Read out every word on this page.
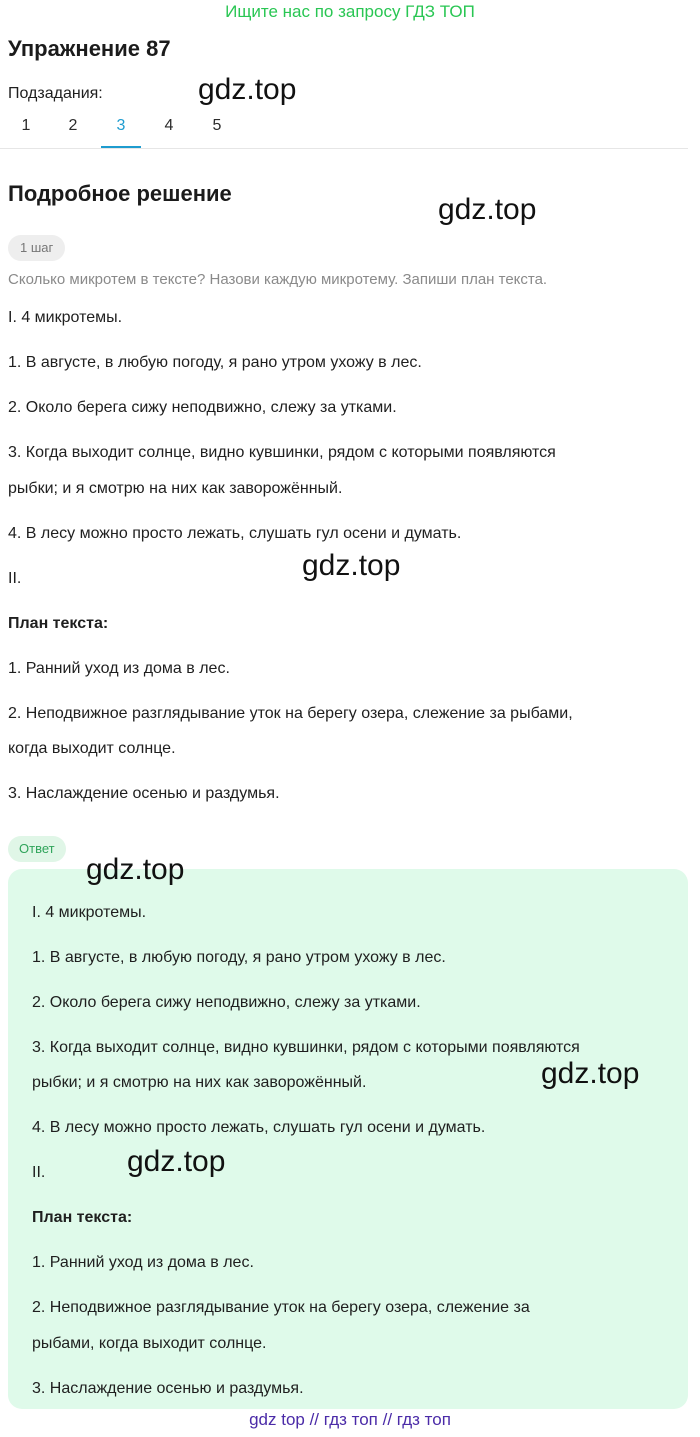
Ищите нас по запросу ГДЗ ТОП
Упражнение 87
Подзадания:
1	2	3	4	5
Подробное решение
1 шаг
Сколько микротем в тексте? Назови каждую микротему. Запиши план текста.
I. 4 микротемы.
1. В августе, в любую погоду, я рано утром ухожу в лес.
2. Около берега сижу неподвижно, слежу за утками.
3. Когда выходит солнце, видно кувшинки, рядом с которыми появляются
рыбки; и я смотрю на них как заворожённый.
4. В лесу можно просто лежать, слушать гул осени и думать.
II.
План текста:
1. Ранний уход из дома в лес.
2. Неподвижное разглядывание уток на берегу озера, слежение за рыбами,
когда выходит солнце.
3. Наслаждение осенью и раздумья.
Ответ
I. 4 микротемы.
1. В августе, в любую погоду, я рано утром ухожу в лес.
2. Около берега сижу неподвижно, слежу за утками.
3. Когда выходит солнце, видно кувшинки, рядом с которыми появляются
рыбки; и я смотрю на них как заворожённый.
4. В лесу можно просто лежать, слушать гул осени и думать.
II.
План текста:
1. Ранний уход из дома в лес.
2. Неподвижное разглядывание уток на берегу озера, слежение за
рыбами, когда выходит солнце.
3. Наслаждение осенью и раздумья.
gdz.top
gdz.top
gdz.top
gdz.top
gdz.top
gdz.top
gdz top // гдз топ // гдз топ
